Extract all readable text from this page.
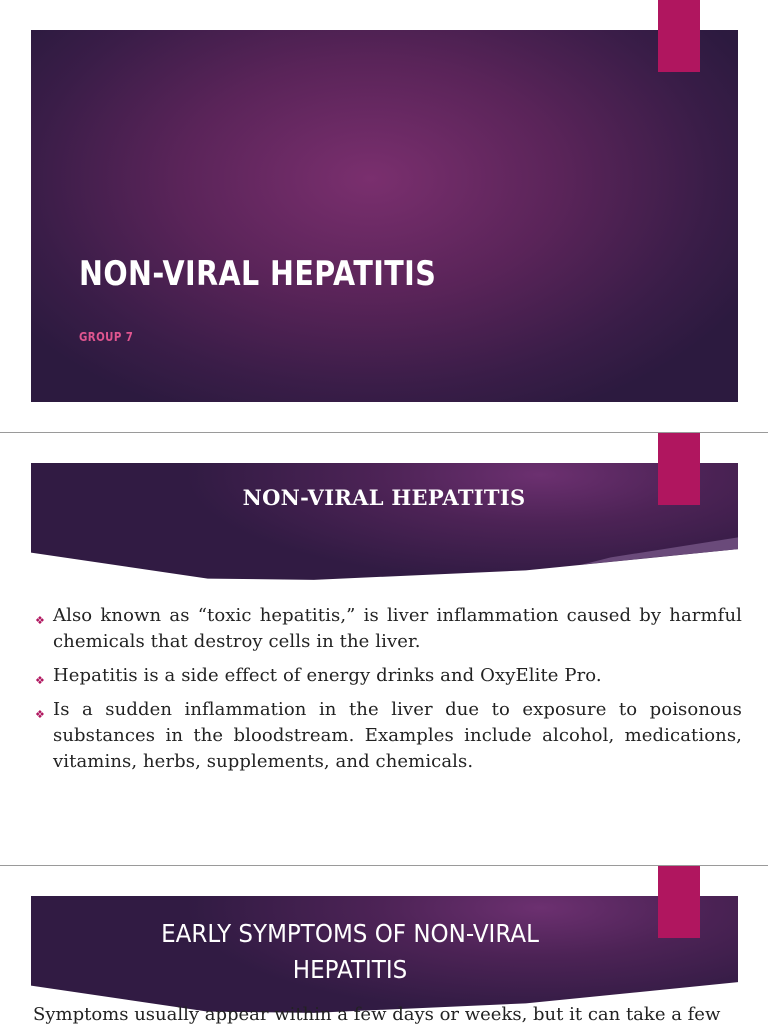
NON-VIRAL HEPATITIS
GROUP 7
NON-VIRAL HEPATITIS
❖ Also known as “toxic hepatitis,” is liver inflammation caused by harmful chemicals that destroy cells in the liver.
❖ Hepatitis is a side effect of energy drinks and OxyElite Pro.
❖ Is a sudden inflammation in the liver due to exposure to poisonous substances in the bloodstream. Examples include alcohol, medications, vitamins, herbs, supplements, and chemicals.
EARLY SYMPTOMS OF NON-VIRAL HEPATITIS

Symptoms usually appear within a few days or weeks, but it can take a few
